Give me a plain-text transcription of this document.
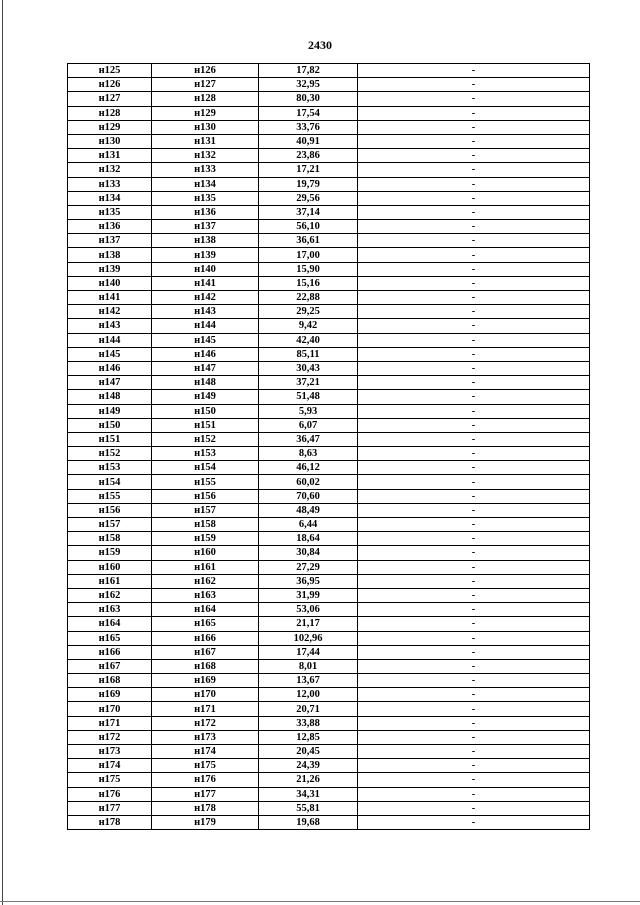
2430
н125	н126	17,82	-
н126	н127	32,95	-
н127	н128	80,30	-
н128	н129	17,54	-
н129	н130	33,76	-
н130	н131	40,91	-
н131	н132	23,86	-
н132	н133	17,21	-
н133	н134	19,79	-
н134	н135	29,56	-
н135	н136	37,14	-
н136	н137	56,10	-
н137	н138	36,61	-
н138	н139	17,00	-
н139	н140	15,90	-
н140	н141	15,16	-
н141	н142	22,88	-
н142	н143	29,25	-
н143	н144	9,42	-
н144	н145	42,40	-
н145	н146	85,11	-
н146	н147	30,43	-
н147	н148	37,21	-
н148	н149	51,48	-
н149	н150	5,93	-
н150	н151	6,07	-
н151	н152	36,47	-
н152	н153	8,63	-
н153	н154	46,12	-
н154	н155	60,02	-
н155	н156	70,60	-
н156	н157	48,49	-
н157	н158	6,44	-
н158	н159	18,64	-
н159	н160	30,84	-
н160	н161	27,29	-
н161	н162	36,95	-
н162	н163	31,99	-
н163	н164	53,06	-
н164	н165	21,17	-
н165	н166	102,96	-
н166	н167	17,44	-
н167	н168	8,01	-
н168	н169	13,67	-
н169	н170	12,00	-
н170	н171	20,71	-
н171	н172	33,88	-
н172	н173	12,85	-
н173	н174	20,45	-
н174	н175	24,39	-
н175	н176	21,26	-
н176	н177	34,31	-
н177	н178	55,81	-
н178	н179	19,68	-
